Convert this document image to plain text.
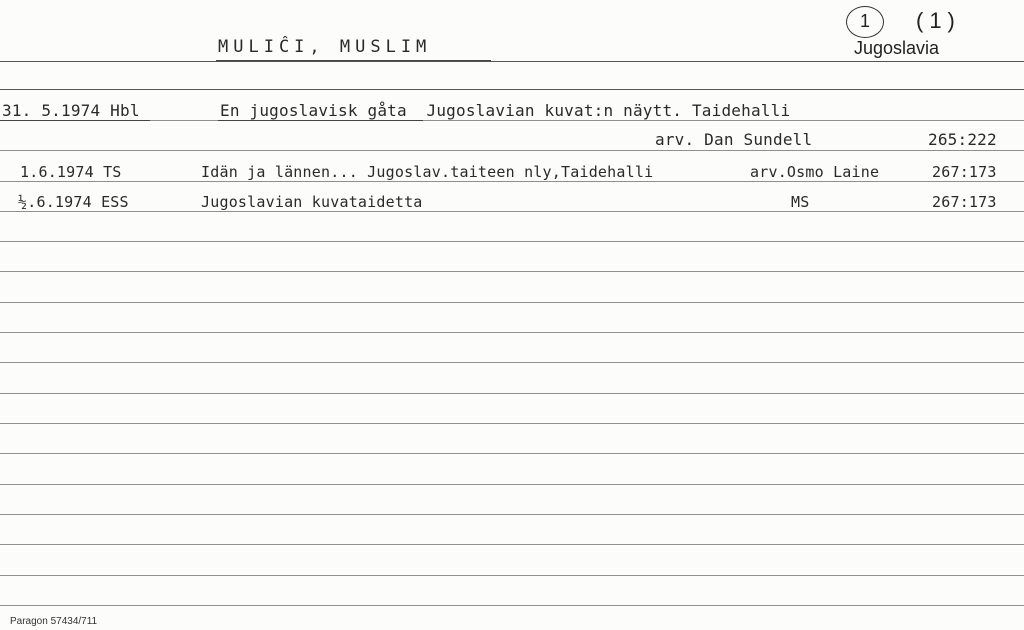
MULIĈI, MUSLIM	Jugoslavia
1 (1)
31. 5.1974 Hbl	En jugoslavisk gåta  Jugoslavian kuvat:n näytt. Taidehalli
arv. Dan Sundell	265:222
1.6.1974 TS	Idän ja lännen... Jugoslav.taiteen nly,Taidehalli	arv.Osmo Laine	267:173
½.6.1974 ESS	Jugoslavian kuvataidetta	MS	267:173
Paragon 57434/711
